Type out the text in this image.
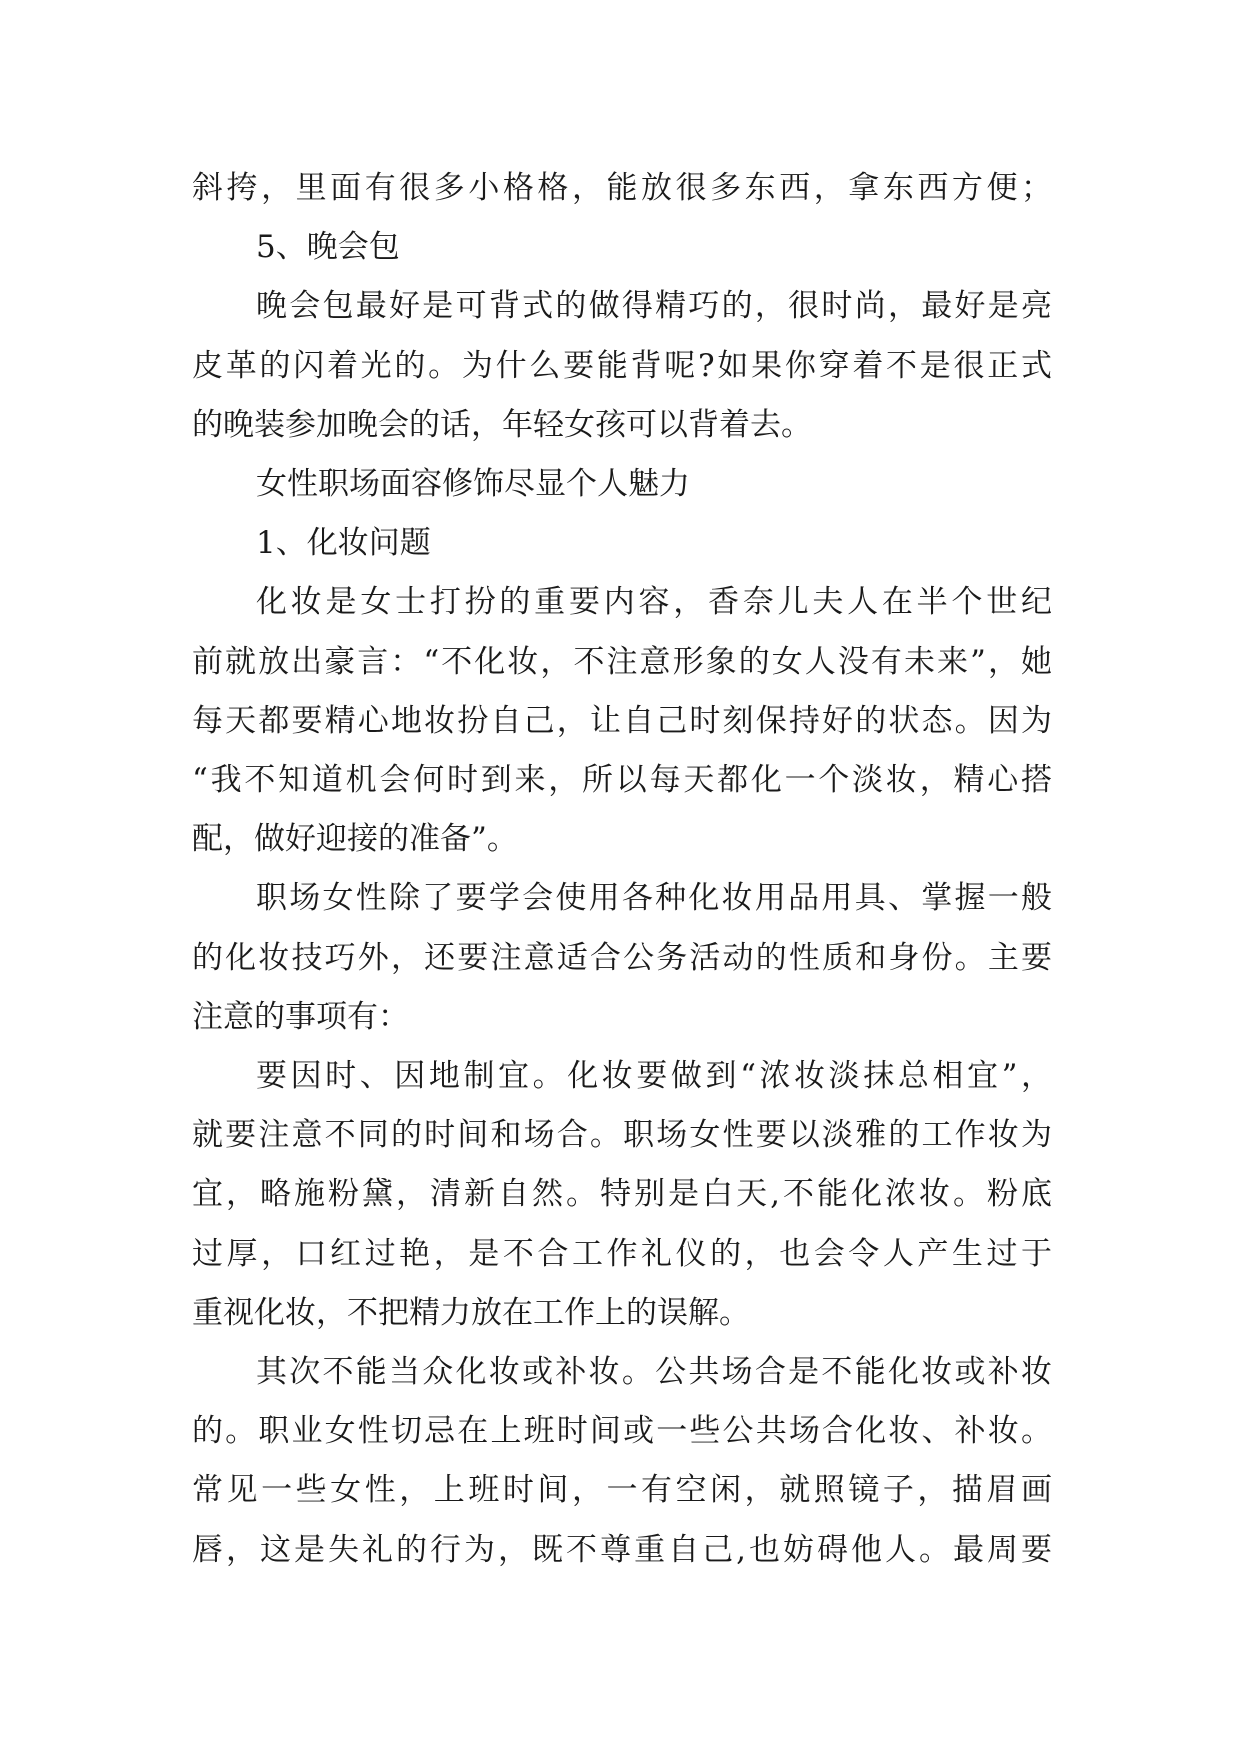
斜挎，里面有很多小格格，能放很多东西，拿东西方便；
5、晚会包
晚会包最好是可背式的做得精巧的，很时尚，最好是亮
皮革的闪着光的。为什么要能背呢?如果你穿着不是很正式
的晚装参加晚会的话，年轻女孩可以背着去。
女性职场面容修饰尽显个人魅力
1、化妆问题
化妆是女士打扮的重要内容，香奈儿夫人在半个世纪
前就放出豪言：“不化妆，不注意形象的女人没有未来”，她
每天都要精心地妆扮自己，让自己时刻保持好的状态。因为
“我不知道机会何时到来，所以每天都化一个淡妆，精心搭
配，做好迎接的准备”。
职场女性除了要学会使用各种化妆用品用具、掌握一般
的化妆技巧外，还要注意适合公务活动的性质和身份。主要
注意的事项有：
要因时、因地制宜。化妆要做到“浓妆淡抹总相宜”，
就要注意不同的时间和场合。职场女性要以淡雅的工作妆为
宜，略施粉黛，清新自然。特别是白天,不能化浓妆。粉底
过厚，口红过艳，是不合工作礼仪的，也会令人产生过于
重视化妆，不把精力放在工作上的误解。
其次不能当众化妆或补妆。公共场合是不能化妆或补妆
的。职业女性切忌在上班时间或一些公共场合化妆、补妆。
常见一些女性，上班时间，一有空闲，就照镜子，描眉画
唇，这是失礼的行为，既不尊重自己,也妨碍他人。最周要
